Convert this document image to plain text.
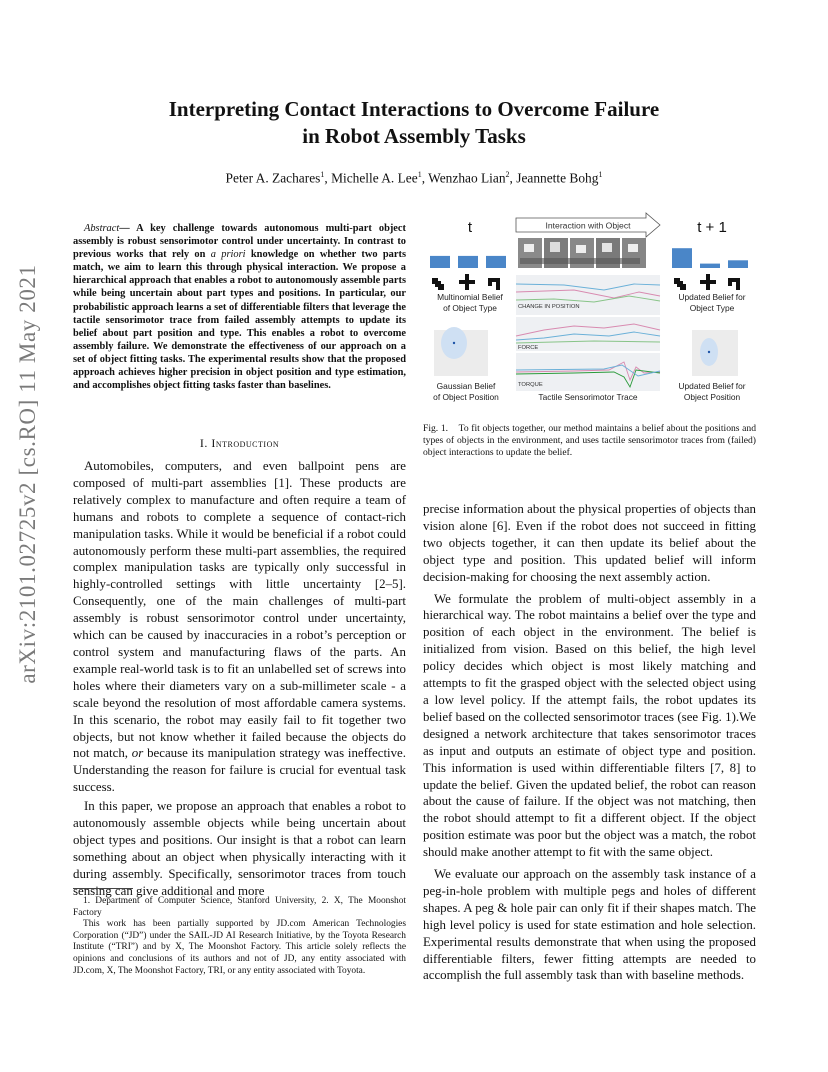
arXiv:2101.02725v2 [cs.RO] 11 May 2021
Interpreting Contact Interactions to Overcome Failure
in Robot Assembly Tasks
Peter A. Zachares$^1$, Michelle A. Lee$^1$, Wenzhao Lian$^2$, Jeannette Bohg$^1$
Abstract— A key challenge towards autonomous multi-part object assembly is robust sensorimotor control under uncertainty. In contrast to previous works that rely on a priori knowledge on whether two parts match, we aim to learn this through physical interaction. We propose a hierarchical approach that enables a robot to autonomously assemble parts while being uncertain about part types and positions. In particular, our probabilistic approach learns a set of differentiable filters that leverage the tactile sensorimotor trace from failed assembly attempts to update its belief about part position and type. This enables a robot to overcome assembly failure. We demonstrate the effectiveness of our approach on a set of object fitting tasks. The experimental results show that the proposed approach achieves higher precision in object position and type estimation, and accomplishes object fitting tasks faster than baselines.
I. Introduction

Automobiles, computers, and even ballpoint pens are composed of multi-part assemblies [1]. These products are relatively complex to manufacture and often require a team of humans and robots to complete a sequence of contact-rich manipulation tasks. While it would be beneficial if a robot could autonomously perform these multi-part assemblies, the required complex manipulation tasks are typically only successful in highly-controlled settings with little uncertainty [2–5]. Consequently, one of the main challenges of multi-part assembly is robust sensorimotor control under uncertainty, which can be caused by inaccuracies in a robot’s perception or control system and manufacturing flaws of the parts. An example real-world task is to fit an unlabelled set of screws into holes where their diameters vary on a sub-millimeter scale - a scale beyond the resolution of most affordable camera systems. In this scenario, the robot may easily fail to fit together two objects, but not know whether it failed because the objects do not match, or because its manipulation strategy was ineffective. Understanding the reason for failure is crucial for eventual task success.

In this paper, we propose an approach that enables a robot to autonomously assemble objects while being uncertain about object types and positions. Our insight is that a robot can learn something about an object when physically interacting with it during assembly. Specifically, sensorimotor traces from touch sensing can give additional and more

1. Department of Computer Science, Stanford University, 2. X, The Moonshot Factory
This work has been partially supported by JD.com American Technologies Corporation (“JD”) under the SAIL-JD AI Research Initiative, by the Toyota Research Institute (“TRI”) and by X, The Moonshot Factory. This article solely reflects the opinions and conclusions of its authors and not of JD, any entity associated with JD.com, X, The Moonshot Factory, TRI, or any entity associated with Toyota.
t	t + 1
Interaction with Object
CHANGE IN POSITION
FORCE
TORQUE
Multinomial Belief
of Object Type
Updated Belief for
Object Type
Gaussian Belief
of Object Position
Updated Belief for
Object Position
Tactile Sensorimotor Trace
Fig. 1. To fit objects together, our method maintains a belief about the positions and types of objects in the environment, and uses tactile sensorimotor traces from (failed) object interactions to update the belief.

precise information about the physical properties of objects than vision alone [6]. Even if the robot does not succeed in fitting two objects together, it can then update its belief about the object type and position. This updated belief will inform decision-making for choosing the next assembly action.

We formulate the problem of multi-object assembly in a hierarchical way. The robot maintains a belief over the type and position of each object in the environment. The belief is initialized from vision. Based on this belief, the high level policy decides which object is most likely matching and attempts to fit the grasped object with the selected object using a low level policy. If the attempt fails, the robot updates its belief based on the collected sensorimotor traces (see Fig. 1).We designed a network architecture that takes sensorimotor traces as input and outputs an estimate of object type and position. This information is used within differentiable filters [7, 8] to update the belief. Given the updated belief, the robot can reason about the cause of failure. If the object was not matching, then the robot should attempt to fit a different object. If the object position estimate was poor but the object was a match, the robot should make another attempt to fit with the same object.

We evaluate our approach on the assembly task instance of a peg-in-hole problem with multiple pegs and holes of different shapes. A peg & hole pair can only fit if their shapes match. The high level policy is used for state estimation and hole selection. Experimental results demonstrate that when using the proposed differentiable filters, fewer fitting attempts are needed to accomplish the full assembly task than with baseline methods.
